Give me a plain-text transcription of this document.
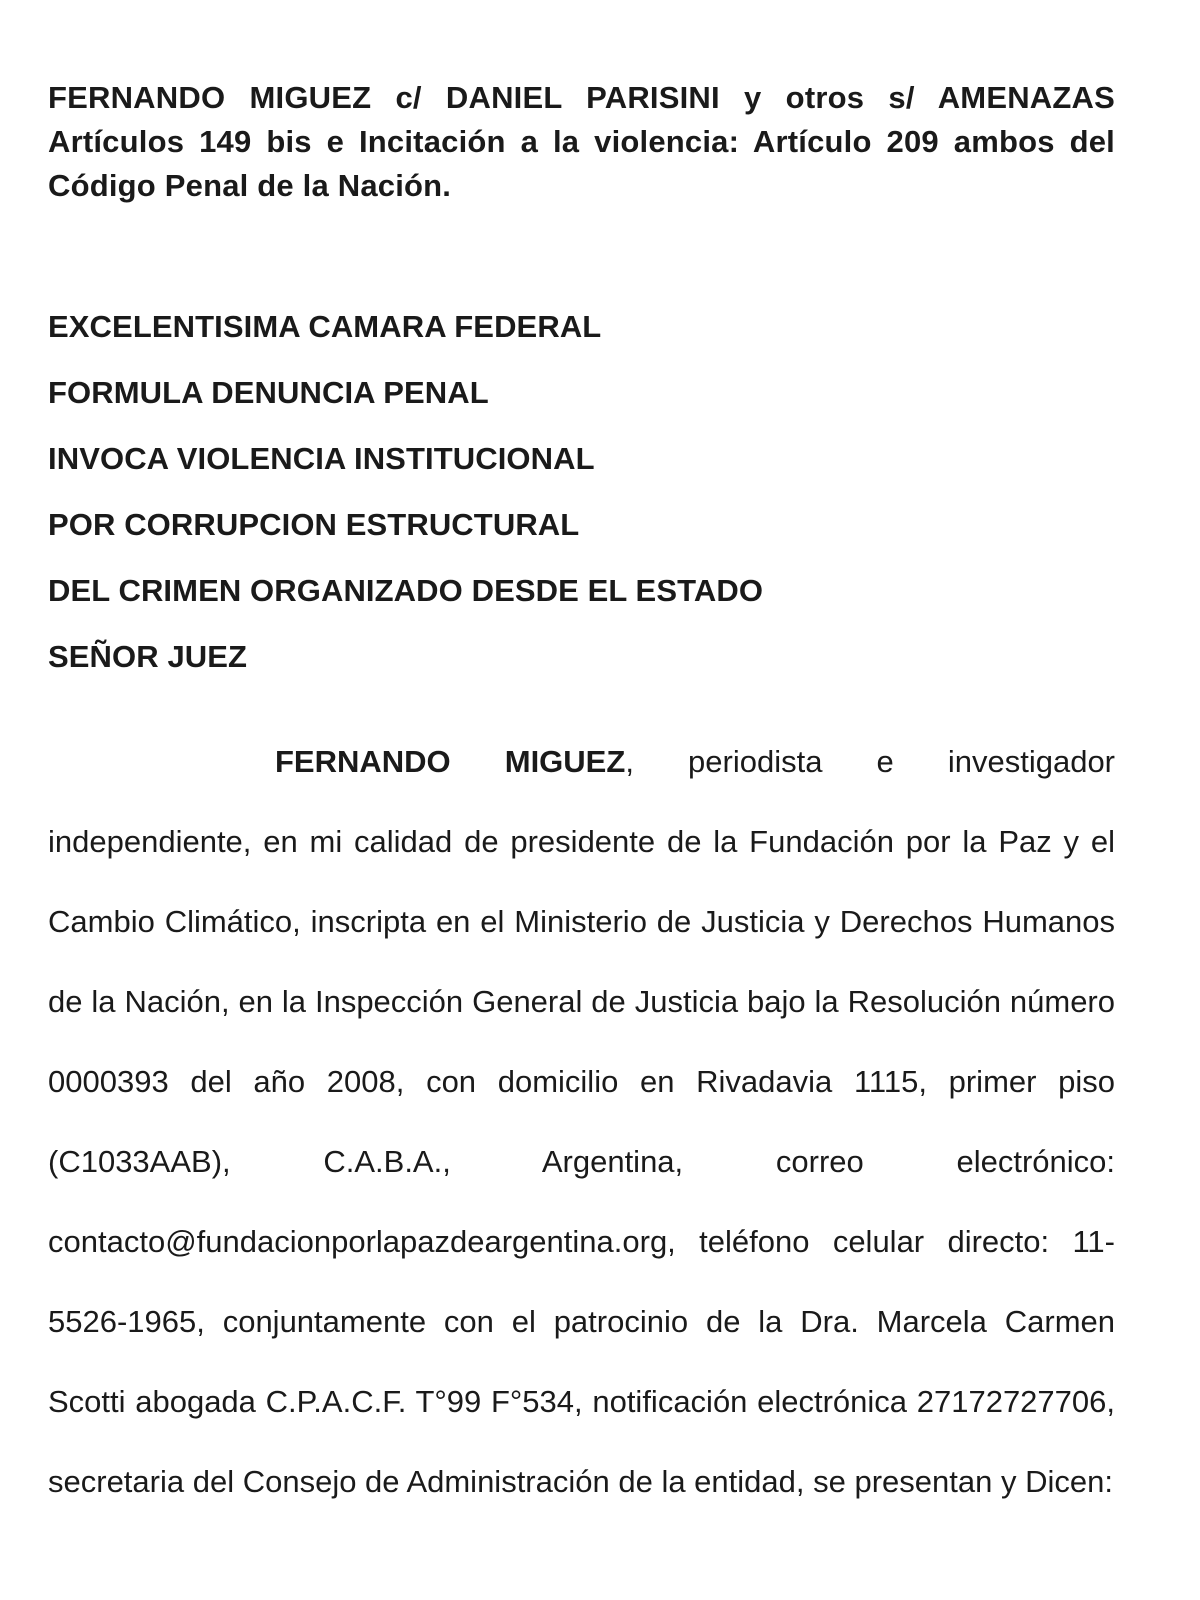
FERNANDO MIGUEZ c/ DANIEL PARISINI y otros s/ AMENAZAS Artículos 149 bis e Incitación a la violencia: Artículo 209 ambos del Código Penal de la Nación.

EXCELENTISIMA CAMARA FEDERAL

FORMULA DENUNCIA PENAL

INVOCA VIOLENCIA INSTITUCIONAL

POR CORRUPCION ESTRUCTURAL

DEL CRIMEN ORGANIZADO DESDE EL ESTADO

SEÑOR JUEZ

FERNANDO MIGUEZ, periodista e investigador independiente, en mi calidad de presidente de la Fundación por la Paz y el Cambio Climático, inscripta en el Ministerio de Justicia y Derechos Humanos de la Nación, en la Inspección General de Justicia bajo la Resolución número 0000393 del año 2008, con domicilio en Rivadavia 1115, primer piso (C1033AAB), C.A.B.A., Argentina, correo electrónico: contacto@fundacionporlapazdeargentina.org, teléfono celular directo: 11-5526-1965, conjuntamente con el patrocinio de la Dra. Marcela Carmen Scotti abogada C.P.A.C.F. T°99 F°534, notificación electrónica 27172727706, secretaria del Consejo de Administración de la entidad, se presentan y Dicen:
